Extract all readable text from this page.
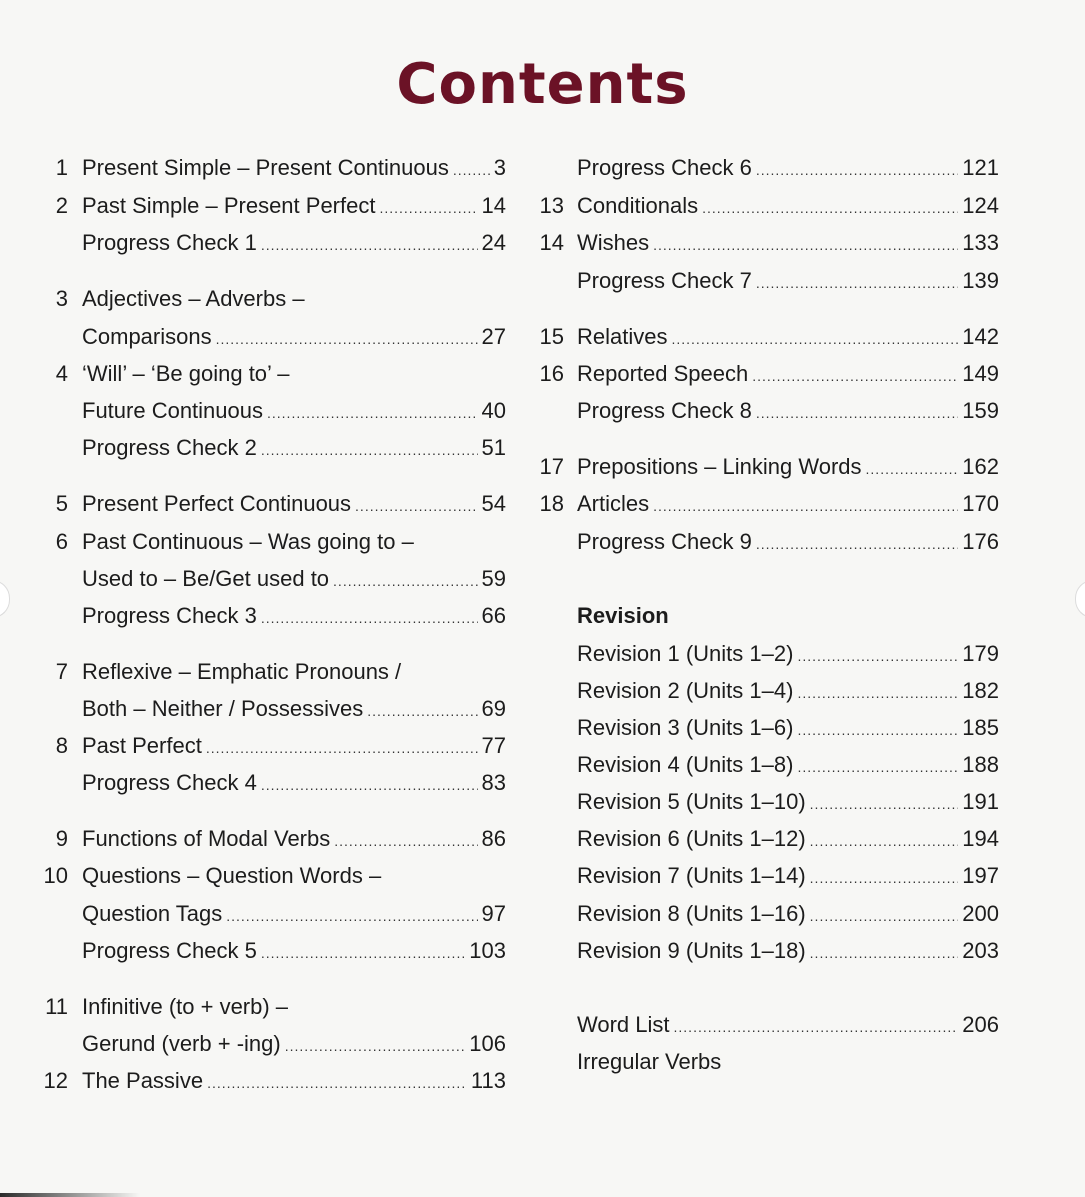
Contents
1 Present Simple – Present Continuous ..... 3
2 Past Simple – Present Perfect .....	14
Progress Check 1 .....	24
3 Adjectives – Adverbs –
Comparisons .....	27
4 ‘Will’ – ‘Be going to’ –
Future Continuous .....	40
Progress Check 2 .....	51
5 Present Perfect Continuous .....	54
6 Past Continuous – Was going to –
Used to – Be/Get used to .....	59
Progress Check 3 .....	66
7 Reflexive – Emphatic Pronouns /
Both – Neither / Possessives .....	69
8 Past Perfect .....	77
Progress Check 4 .....	83
9 Functions of Modal Verbs .....	86
10 Questions – Question Words –
Question Tags .....	97
Progress Check 5 .....	103
11 Infinitive (to + verb) –
Gerund (verb + -ing) .....	106
12 The Passive .....	113
Progress Check 6 .....	121
13 Conditionals .....	124
14 Wishes .....	133
Progress Check 7 .....	139
15 Relatives .....	142
16 Reported Speech .....	149
Progress Check 8 .....	159
17 Prepositions – Linking Words .....	162
18 Articles .....	170
Progress Check 9 .....	176
Revision
Revision 1 (Units 1–2) .....	179
Revision 2 (Units 1–4) .....	182
Revision 3 (Units 1–6) .....	185
Revision 4 (Units 1–8) .....	188
Revision 5 (Units 1–10) .....	191
Revision 6 (Units 1–12) .....	194
Revision 7 (Units 1–14) .....	197
Revision 8 (Units 1–16) .....	200
Revision 9 (Units 1–18) .....	203
Word List .....	206
Irregular Verbs
